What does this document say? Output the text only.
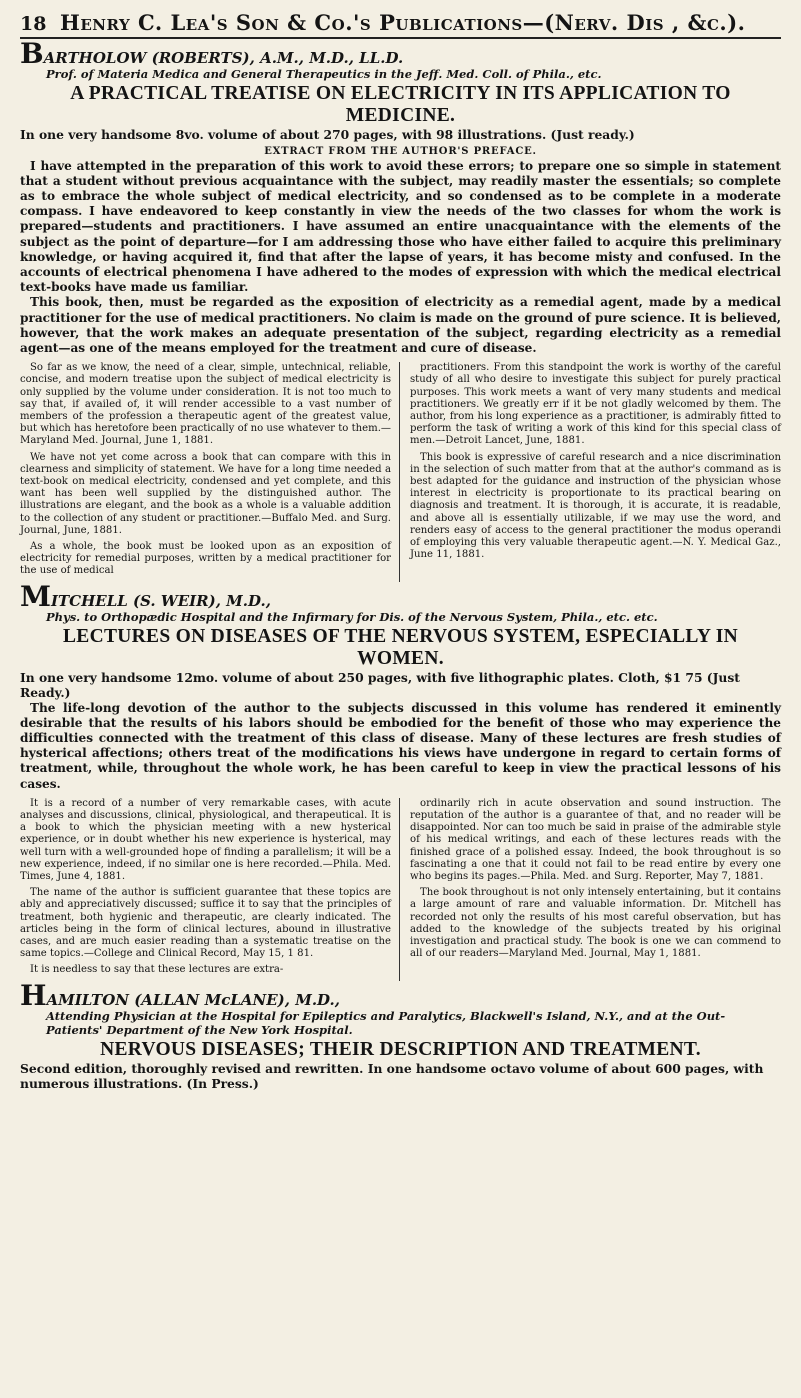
18 Henry C. Lea's Son & Co.'s Publications—(Nerv. Dis , &c.).
BARTHOLOW (ROBERTS), A.M., M.D., LL.D.
Prof. of Materia Medica and General Therapeutics in the Jeff. Med. Coll. of Phila., etc.
A PRACTICAL TREATISE ON ELECTRICITY IN ITS APPLICATION TO MEDICINE.

In one very handsome 8vo. volume of about 270 pages, with 98 illustrations. (Just ready.)

EXTRACT FROM THE AUTHOR'S PREFACE.

I have attempted in the preparation of this work to avoid these errors; to prepare one so simple in statement that a student without previous acquaintance with the subject, may readily master the essentials; so complete as to embrace the whole subject of medical electricity, and so condensed as to be complete in a moderate compass. I have endeavored to keep constantly in view the needs of the two classes for whom the work is prepared—students and practitioners. I have assumed an entire unacquaintance with the elements of the subject as the point of departure—for I am addressing those who have either failed to acquire this preliminary knowledge, or having acquired it, find that after the lapse of years, it has become misty and confused. In the accounts of electrical phenomena I have adhered to the modes of expression with which the medical electrical text-books have made us familiar.

This book, then, must be regarded as the exposition of electricity as a remedial agent, made by a medical practitioner for the use of medical practitioners. No claim is made on the ground of pure science. It is believed, however, that the work makes an adequate presentation of the subject, regarding electricity as a remedial agent—as one of the means employed for the treatment and cure of disease.

So far as we know, the need of a clear, simple, untechnical, reliable, concise, and modern treatise upon the subject of medical electricity is only supplied by the volume under consideration. It is not too much to say that, if availed of, it will render accessible to a vast number of members of the profession a therapeutic agent of the greatest value, but which has heretofore been practically of no use whatever to them.—Maryland Med. Journal, June 1, 1881.

We have not yet come across a book that can compare with this in clearness and simplicity of statement. We have for a long time needed a text-book on medical electricity, condensed and yet complete, and this want has been well supplied by the distinguished author. The illustrations are elegant, and the book as a whole is a valuable addition to the collection of any student or practitioner.—Buffalo Med. and Surg. Journal, June, 1881.

As a whole, the book must be looked upon as an exposition of electricity for remedial purposes, written by a medical practitioner for the use of medical

practitioners. From this standpoint the work is worthy of the careful study of all who desire to investigate this subject for purely practical purposes. This work meets a want of very many students and medical practitioners. We greatly err if it be not gladly welcomed by them. The author, from his long experience as a practitioner, is admirably fitted to perform the task of writing a work of this kind for this special class of men.—Detroit Lancet, June, 1881.

This book is expressive of careful research and a nice discrimination in the selection of such matter from that at the author's command as is best adapted for the guidance and instruction of the physician whose interest in electricity is proportionate to its practical bearing on diagnosis and treatment. It is thorough, it is accurate, it is readable, and above all is essentially utilizable, if we may use the word, and renders easy of access to the general practitioner the modus operandi of employing this very valuable therapeutic agent.—N. Y. Medical Gaz., June 11, 1881.

MITCHELL (S. WEIR), M.D.,
Phys. to Orthopædic Hospital and the Infirmary for Dis. of the Nervous System, Phila., etc. etc.
LECTURES ON DISEASES OF THE NERVOUS SYSTEM, ESPECIALLY IN WOMEN.

In one very handsome 12mo. volume of about 250 pages, with five lithographic plates. Cloth, $1 75 (Just Ready.)

The life-long devotion of the author to the subjects discussed in this volume has rendered it eminently desirable that the results of his labors should be embodied for the benefit of those who may experience the difficulties connected with the treatment of this class of disease. Many of these lectures are fresh studies of hysterical affections; others treat of the modifications his views have undergone in regard to certain forms of treatment, while, throughout the whole work, he has been careful to keep in view the practical lessons of his cases.

It is a record of a number of very remarkable cases, with acute analyses and discussions, clinical, physiological, and therapeutical. It is a book to which the physician meeting with a new hysterical experience, or in doubt whether his new experience is hysterical, may well turn with a well-grounded hope of finding a parallelism; it will be a new experience, indeed, if no similar one is here recorded.—Phila. Med. Times, June 4, 1881.

The name of the author is sufficient guarantee that these topics are ably and appreciatively discussed; suffice it to say that the principles of treatment, both hygienic and therapeutic, are clearly indicated. The articles being in the form of clinical lectures, abound in illustrative cases, and are much easier reading than a systematic treatise on the same topics.—College and Clinical Record, May 15, 1 81.

It is needless to say that these lectures are extra-

ordinarily rich in acute observation and sound instruction. The reputation of the author is a guarantee of that, and no reader will be disappointed. Nor can too much be said in praise of the admirable style of his medical writings, and each of these lectures reads with the finished grace of a polished essay. Indeed, the book throughout is so fascinating a one that it could not fail to be read entire by every one who begins its pages.—Phila. Med. and Surg. Reporter, May 7, 1881.

The book throughout is not only intensely entertaining, but it contains a large amount of rare and valuable information. Dr. Mitchell has recorded not only the results of his most careful observation, but has added to the knowledge of the subjects treated by his original investigation and practical study. The book is one we can commend to all of our readers—Maryland Med. Journal, May 1, 1881.

HAMILTON (ALLAN McLANE), M.D.,
Attending Physician at the Hospital for Epileptics and Paralytics, Blackwell's Island, N.Y., and at the Out-Patients' Department of the New York Hospital.
NERVOUS DISEASES; THEIR DESCRIPTION AND TREATMENT.

Second edition, thoroughly revised and rewritten. In one handsome octavo volume of about 600 pages, with numerous illustrations. (In Press.)
